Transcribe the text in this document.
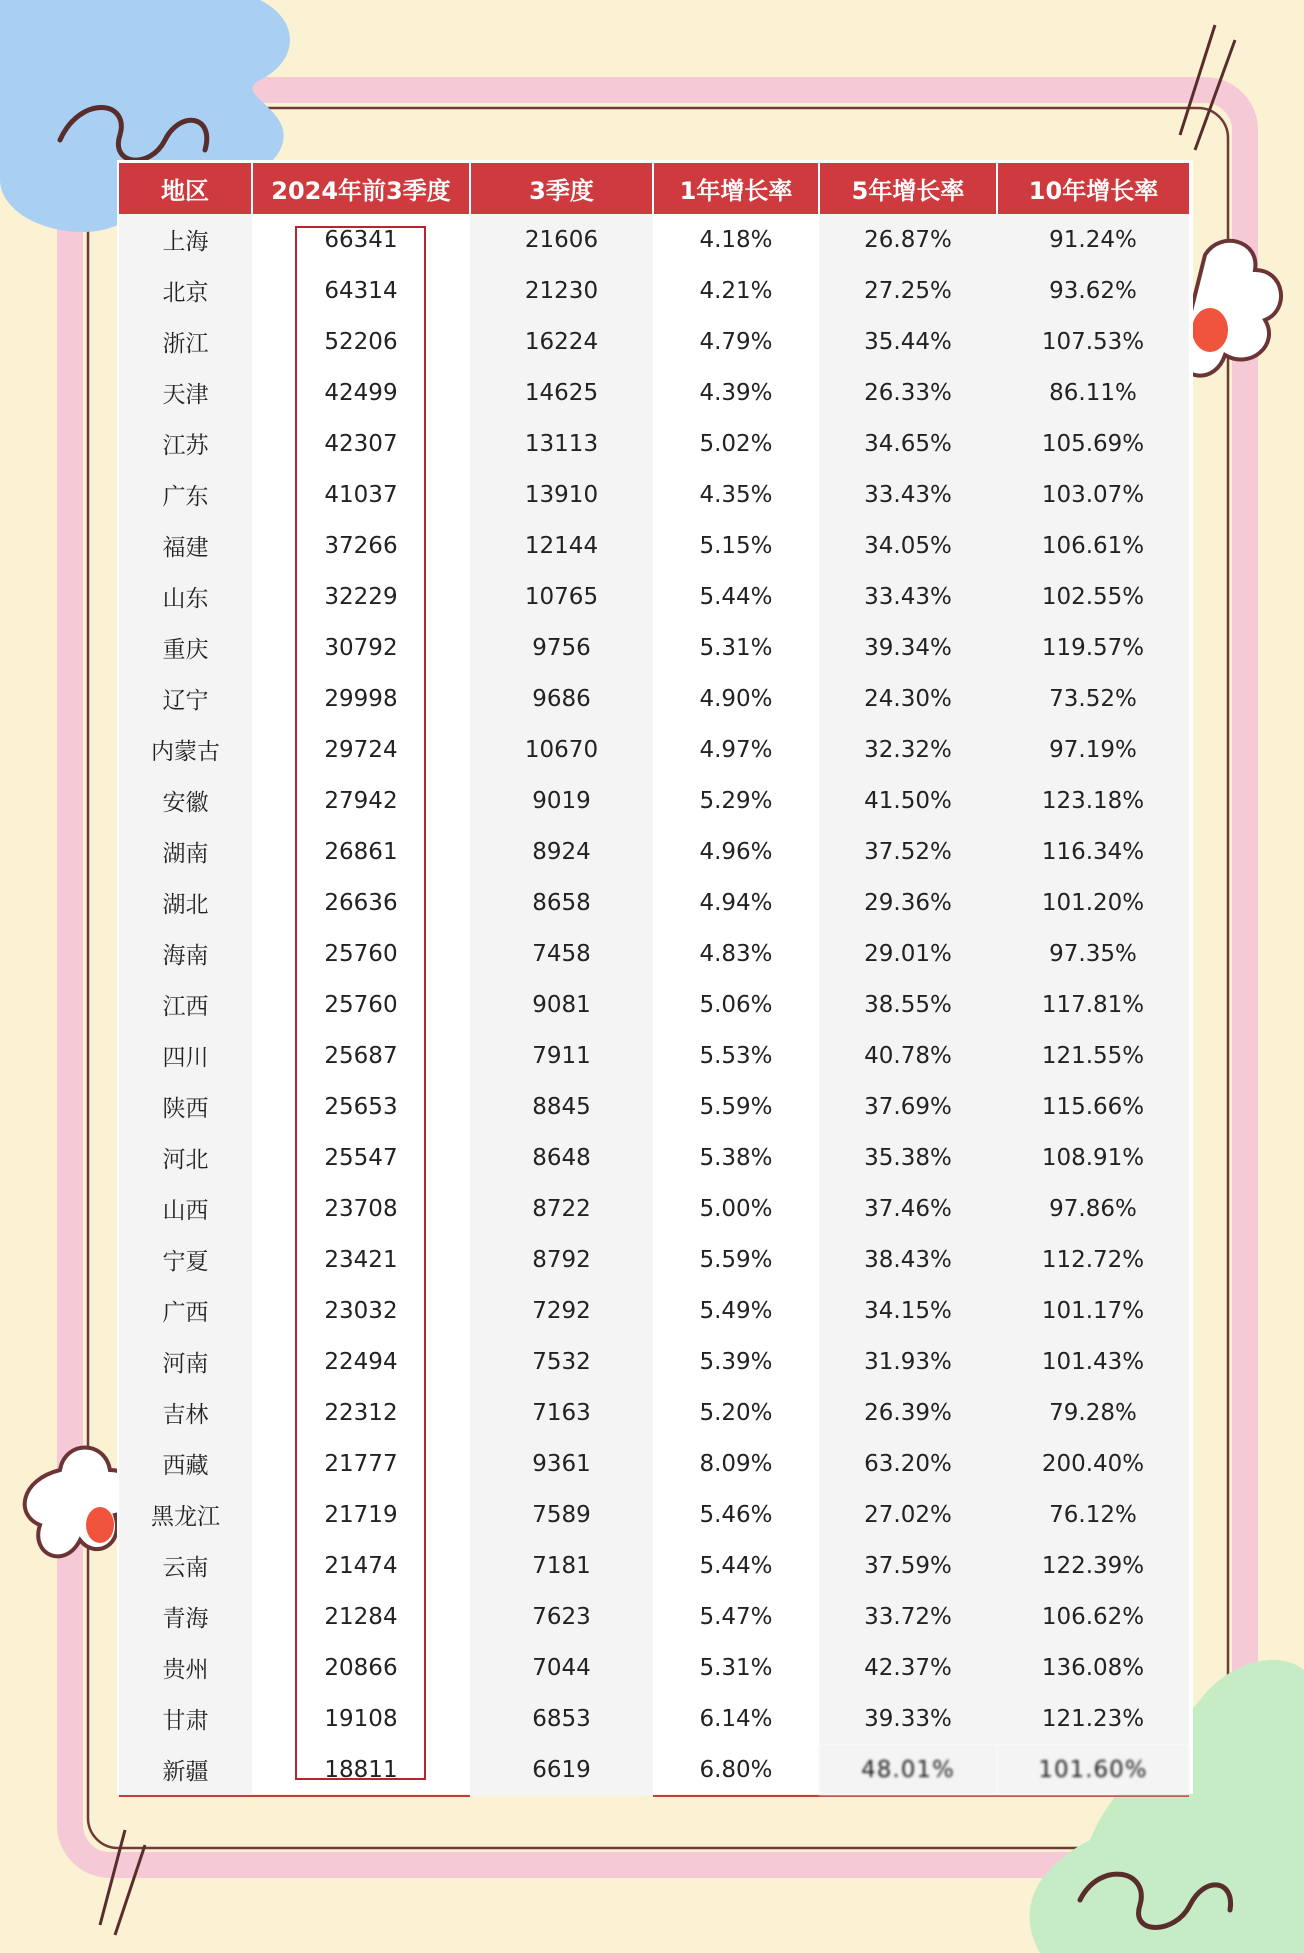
地区	2024年前3季度	3季度	1年增长率	5年增长率	10年增长率
上海	66341	21606	4.18%	26.87%	91.24%
北京	64314	21230	4.21%	27.25%	93.62%
浙江	52206	16224	4.79%	35.44%	107.53%
天津	42499	14625	4.39%	26.33%	86.11%
江苏	42307	13113	5.02%	34.65%	105.69%
广东	41037	13910	4.35%	33.43%	103.07%
福建	37266	12144	5.15%	34.05%	106.61%
山东	32229	10765	5.44%	33.43%	102.55%
重庆	30792	9756	5.31%	39.34%	119.57%
辽宁	29998	9686	4.90%	24.30%	73.52%
内蒙古	29724	10670	4.97%	32.32%	97.19%
安徽	27942	9019	5.29%	41.50%	123.18%
湖南	26861	8924	4.96%	37.52%	116.34%
湖北	26636	8658	4.94%	29.36%	101.20%
海南	25760	7458	4.83%	29.01%	97.35%
江西	25760	9081	5.06%	38.55%	117.81%
四川	25687	7911	5.53%	40.78%	121.55%
陕西	25653	8845	5.59%	37.69%	115.66%
河北	25547	8648	5.38%	35.38%	108.91%
山西	23708	8722	5.00%	37.46%	97.86%
宁夏	23421	8792	5.59%	38.43%	112.72%
广西	23032	7292	5.49%	34.15%	101.17%
河南	22494	7532	5.39%	31.93%	101.43%
吉林	22312	7163	5.20%	26.39%	79.28%
西藏	21777	9361	8.09%	63.20%	200.40%
黑龙江	21719	7589	5.46%	27.02%	76.12%
云南	21474	7181	5.44%	37.59%	122.39%
青海	21284	7623	5.47%	33.72%	106.62%
贵州	20866	7044	5.31%	42.37%	136.08%
甘肃	19108	6853	6.14%	39.33%	121.23%
新疆	18811	6619	6.80%	48.01%	101.60%
